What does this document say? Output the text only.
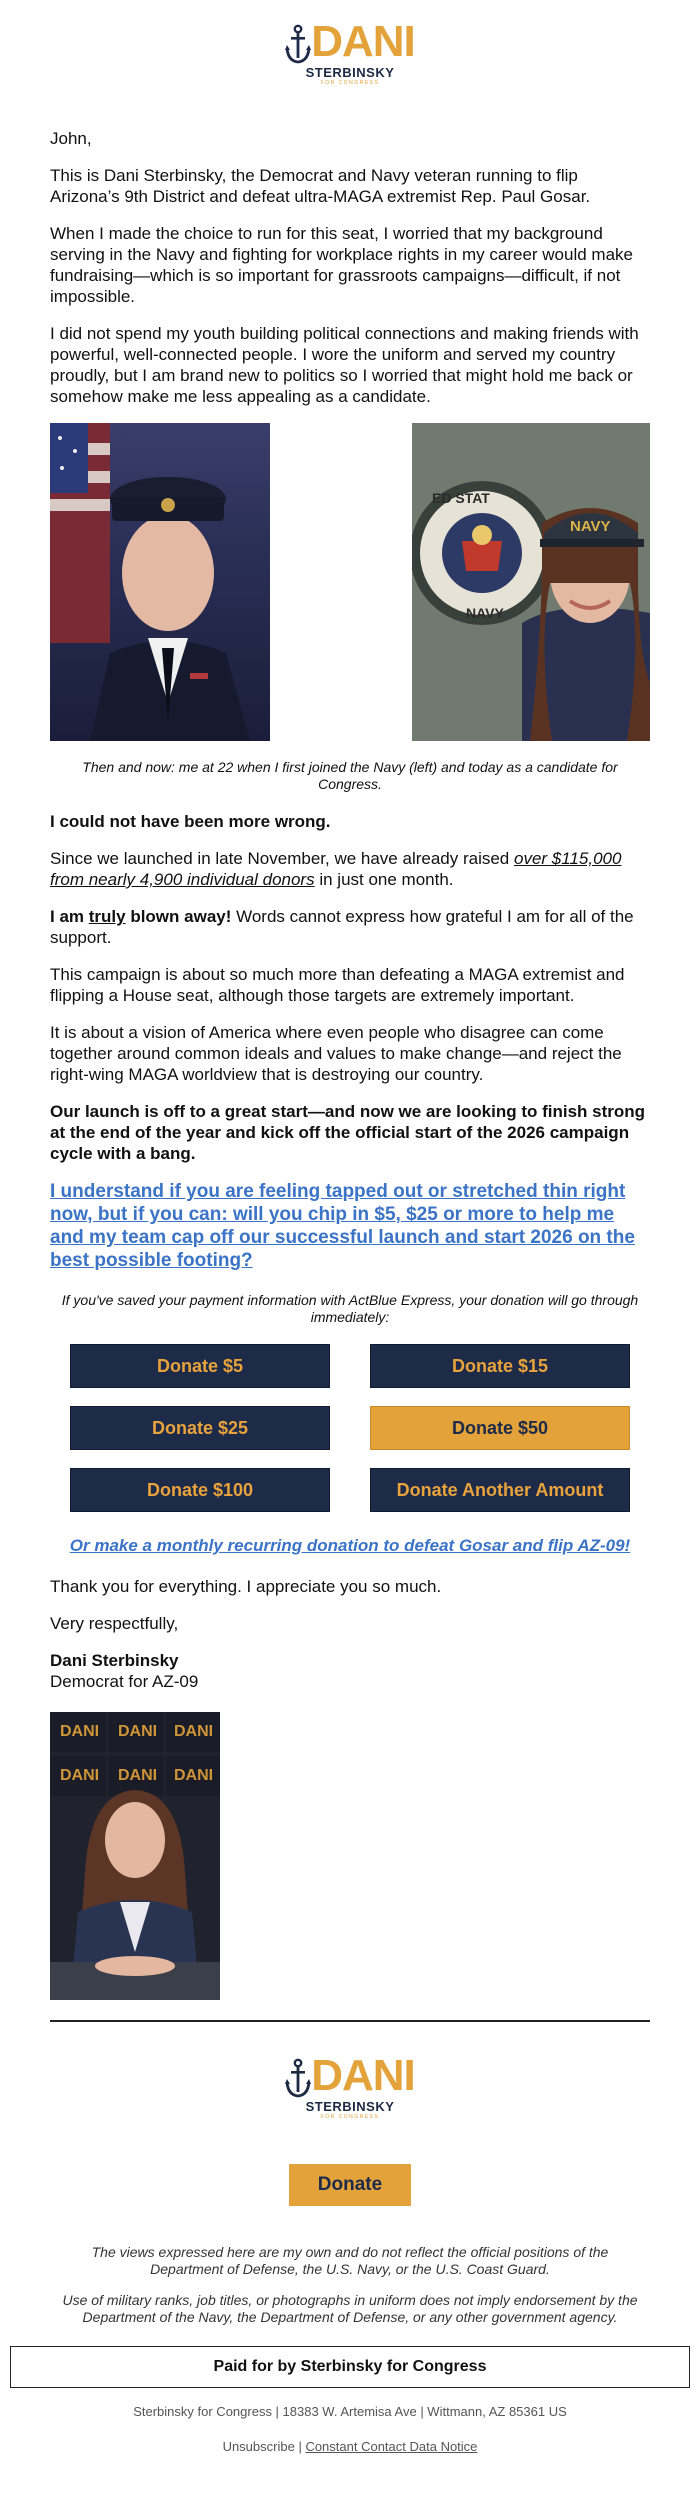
DANI
STERBINSKY
FOR CONGRESS

John,

This is Dani Sterbinsky, the Democrat and Navy veteran running to flip Arizona’s 9th District and defeat ultra-MAGA extremist Rep. Paul Gosar.

When I made the choice to run for this seat, I worried that my background serving in the Navy and fighting for workplace rights in my career would make fundraising—which is so important for grassroots campaigns—difficult, if not impossible.

I did not spend my youth building political connections and making friends with powerful, well-connected people. I wore the uniform and served my country proudly, but I am brand new to politics so I worried that might hold me back or somehow make me less appealing as a candidate.

ED STAT
NAVY
NAVY
Then and now: me at 22 when I first joined the Navy (left) and today as a candidate for Congress.

I could not have been more wrong.

Since we launched in late November, we have already raised over $115,000 from nearly 4,900 individual donors in just one month.

I am truly blown away! Words cannot express how grateful I am for all of the support.

This campaign is about so much more than defeating a MAGA extremist and flipping a House seat, although those targets are extremely important.

It is about a vision of America where even people who disagree can come together around common ideals and values to make change—and reject the right-wing MAGA worldview that is destroying our country.

Our launch is off to a great start—and now we are looking to finish strong at the end of the year and kick off the official start of the 2026 campaign cycle with a bang.

I understand if you are feeling tapped out or stretched thin right now, but if you can: will you chip in $5, $25 or more to help me and my team cap off our successful launch and start 2026 on the best possible footing?
If you've saved your payment information with ActBlue Express, your donation will go through immediately:
Donate $5	Donate $15
Donate $25	Donate $50
Donate $100	Donate Another Amount
Or make a monthly recurring donation to defeat Gosar and flip AZ-09!

Thank you for everything. I appreciate you so much.

Very respectfully,

Dani Sterbinsky
Democrat for AZ-09
DANI DANI DANI
DANI DANI DANI
DANI
STERBINSKY
FOR CONGRESS
Donate

The views expressed here are my own and do not reflect the official positions of the Department of Defense, the U.S. Navy, or the U.S. Coast Guard.

Use of military ranks, job titles, or photographs in uniform does not imply endorsement by the Department of the Navy, the Department of Defense, or any other government agency.

Paid for by Sterbinsky for Congress
Sterbinsky for Congress | 18383 W. Artemisa Ave | Wittmann, AZ 85361 US
Unsubscribe | Constant Contact Data Notice
